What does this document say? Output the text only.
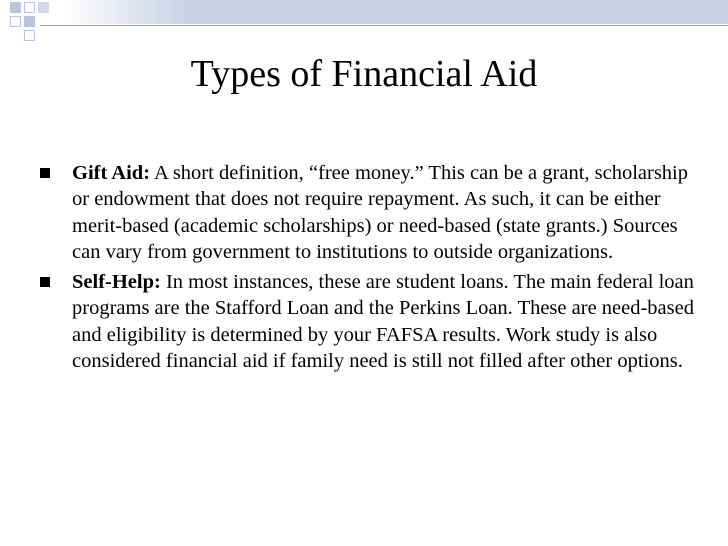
Types of Financial Aid
Gift Aid: A short definition, “free money.” This can be a grant, scholarship or endowment that does not require repayment. As such, it can be either merit-based (academic scholarships) or need-based (state grants.) Sources can vary from government to institutions to outside organizations.
Self-Help: In most instances, these are student loans. The main federal loan programs are the Stafford Loan and the Perkins Loan. These are need-based and eligibility is determined by your FAFSA results. Work study is also considered financial aid if family need is still not filled after other options.
